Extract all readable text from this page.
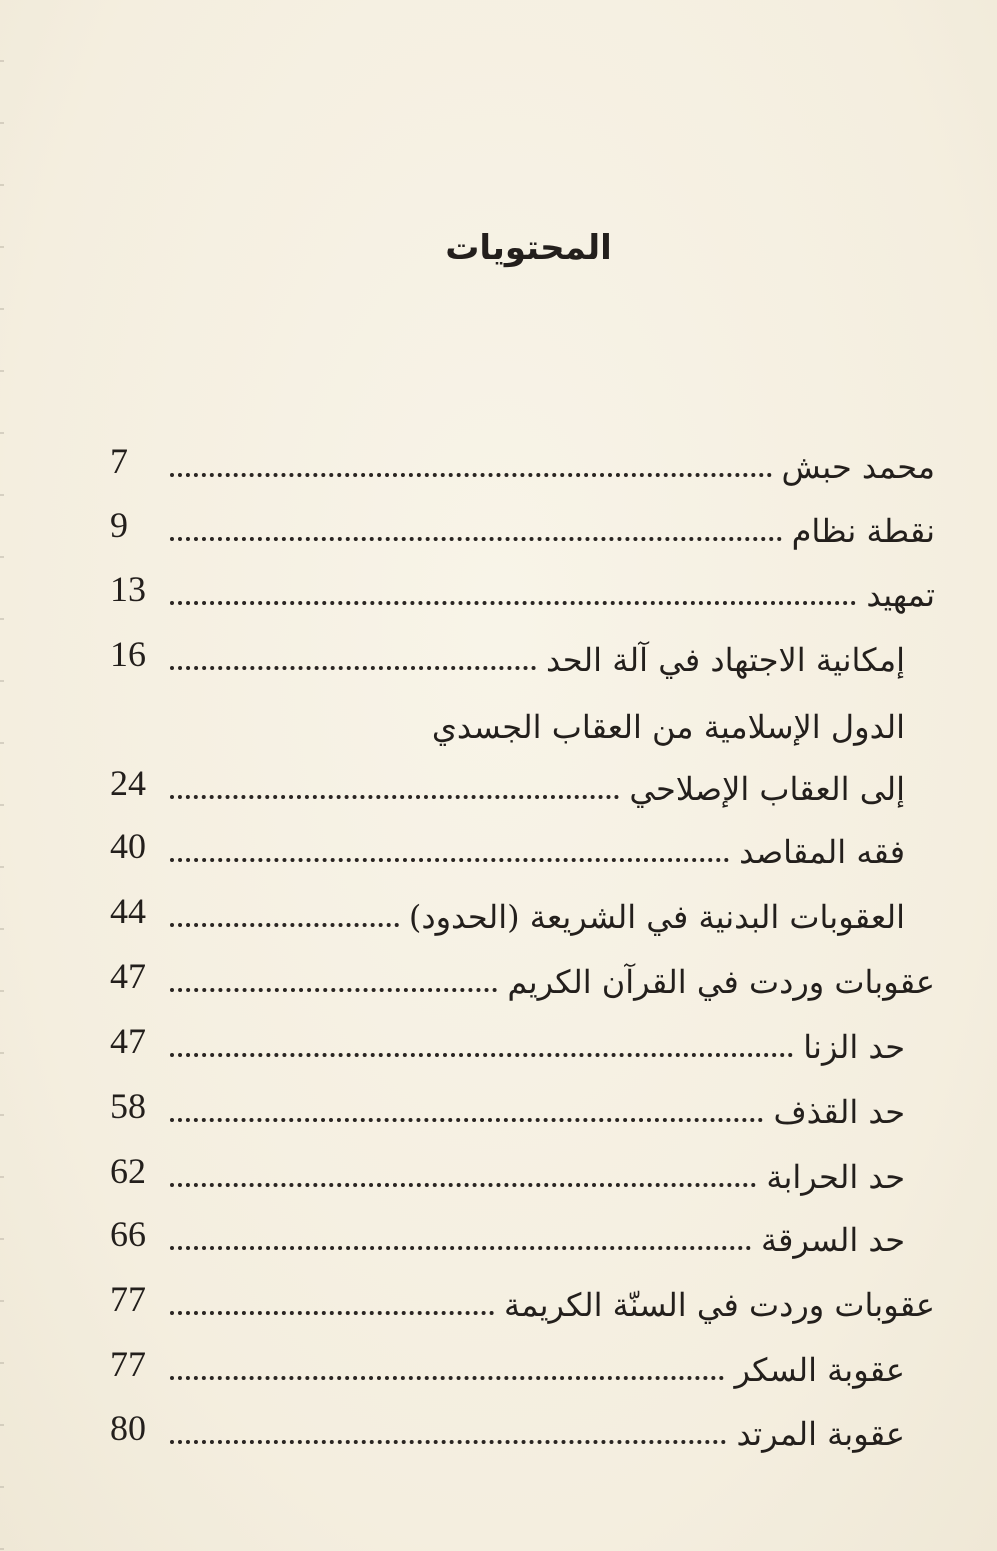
المحتويات
محمد حبش
7
نقطة نظام
9
تمهيد
13
إمكانية الاجتهاد في آلة الحد
16
الدول الإسلامية من العقاب الجسدي
إلى العقاب الإصلاحي
24
فقه المقاصد
40
العقوبات البدنية في الشريعة (الحدود)
44
عقوبات وردت في القرآن الكريم
47
حد الزنا
47
حد القذف
58
حد الحرابة
62
حد السرقة
66
عقوبات وردت في السنّة الكريمة
77
عقوبة السكر
77
عقوبة المرتد
80
